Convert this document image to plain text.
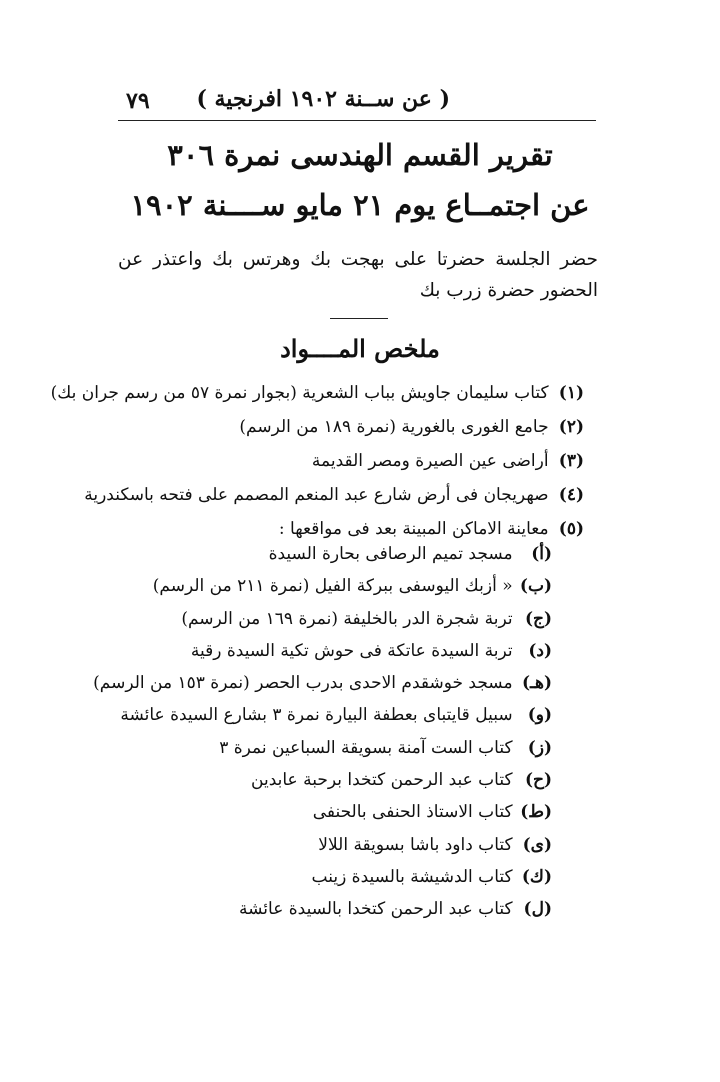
٧٩ ( عن ســنة ١٩٠٢ افرنجية )
تقرير القسم الهندسى نمرة ٣٠٦
عن اجتمــاع يوم ٢١ مايو ســــنة ١٩٠٢
حضر الجلسة حضرتا على بهجت بك وهرتس بك واعتذر عن الحضور حضرة زرب بك
ملخص المــــواد
(١) كتاب سليمان جاويش بباب الشعرية (بجوار نمرة ٥٧ من رسم جران بك)
(٢) جامع الغورى بالغورية (نمرة ١٨٩ من الرسم)
(٣) أراضى عين الصيرة ومصر القديمة
(٤) صهريجان فى أرض شارع عبد المنعم المصمم على فتحه باسكندرية
(٥) معاينة الاماكن المبينة بعد فى مواقعها :
(أ) مسجد تميم الرصافى بحارة السيدة
(ب) « أزبك اليوسفى ببركة الفيل (نمرة ٢١١ من الرسم)
(ج) تربة شجرة الدر بالخليفة (نمرة ١٦٩ من الرسم)
(د) تربة السيدة عاتكة فى حوش تكية السيدة رقية
(هـ) مسجد خوشقدم الاحدى بدرب الحصر (نمرة ١٥٣ من الرسم)
(و) سبيل قايتباى بعطفة البيارة نمرة ٣ بشارع السيدة عائشة
(ز) كتاب الست آمنة بسويقة السباعين نمرة ٣
(ح) كتاب عبد الرحمن كتخدا برحبة عابدين
(ط) كتاب الاستاذ الحنفى بالحنفى
(ى) كتاب داود باشا بسويقة اللالا
(ك) كتاب الدشيشة بالسيدة زينب
(ل) كتاب عبد الرحمن كتخدا بالسيدة عائشة
